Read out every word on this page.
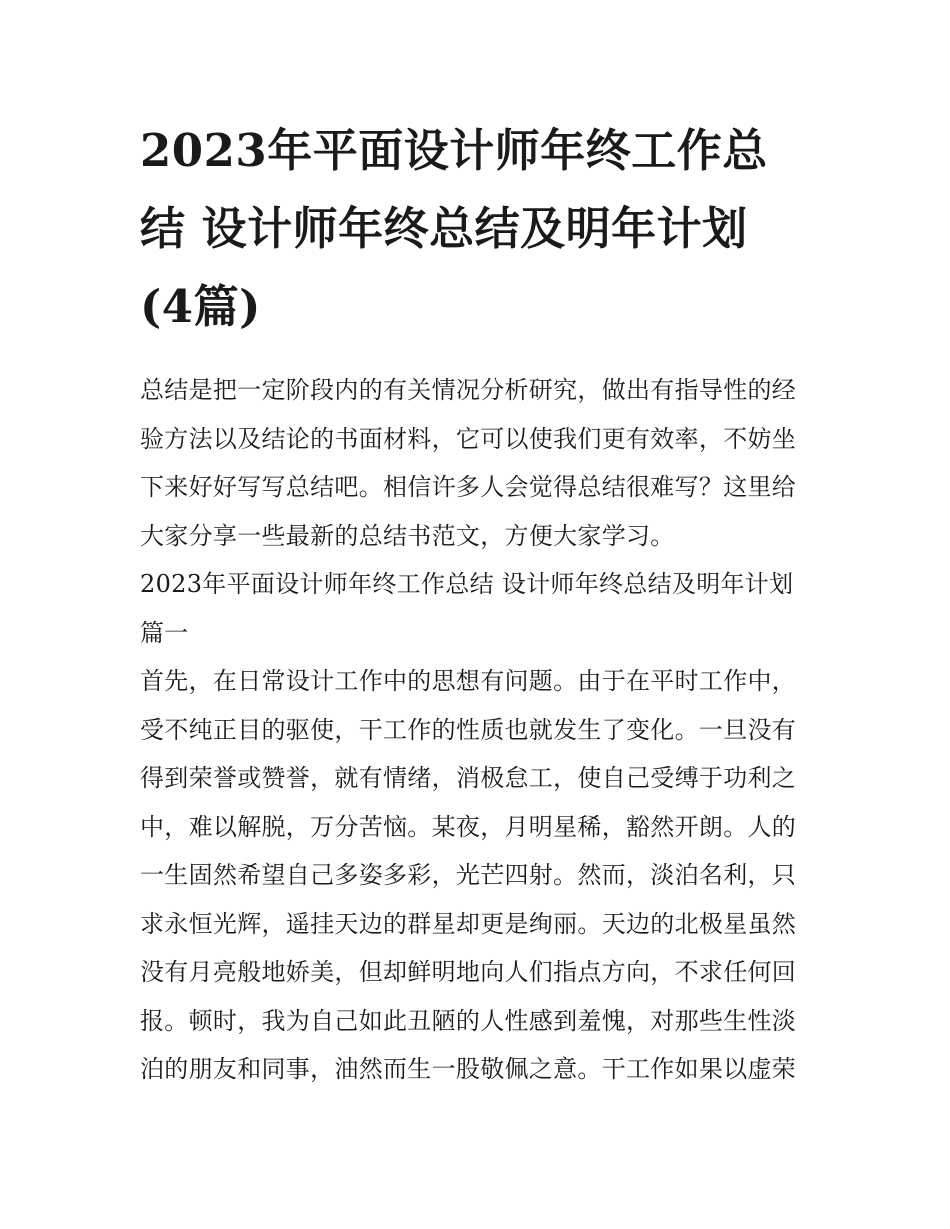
2023年平面设计师年终工作总
结 设计师年终总结及明年计划
(4篇)
总结是把一定阶段内的有关情况分析研究，做出有指导性的经
验方法以及结论的书面材料，它可以使我们更有效率，不妨坐
下来好好写写总结吧。相信许多人会觉得总结很难写？这里给
大家分享一些最新的总结书范文，方便大家学习。
2023年平面设计师年终工作总结 设计师年终总结及明年计划
篇一
首先，在日常设计工作中的思想有问题。由于在平时工作中，
受不纯正目的驱使，干工作的性质也就发生了变化。一旦没有
得到荣誉或赞誉，就有情绪，消极怠工，使自己受缚于功利之
中，难以解脱，万分苦恼。某夜，月明星稀，豁然开朗。人的
一生固然希望自己多姿多彩，光芒四射。然而，淡泊名利，只
求永恒光辉，遥挂天边的群星却更是绚丽。天边的北极星虽然
没有月亮般地娇美，但却鲜明地向人们指点方向，不求任何回
报。顿时，我为自己如此丑陋的人性感到羞愧，对那些生性淡
泊的朋友和同事，油然而生一股敬佩之意。干工作如果以虚荣
